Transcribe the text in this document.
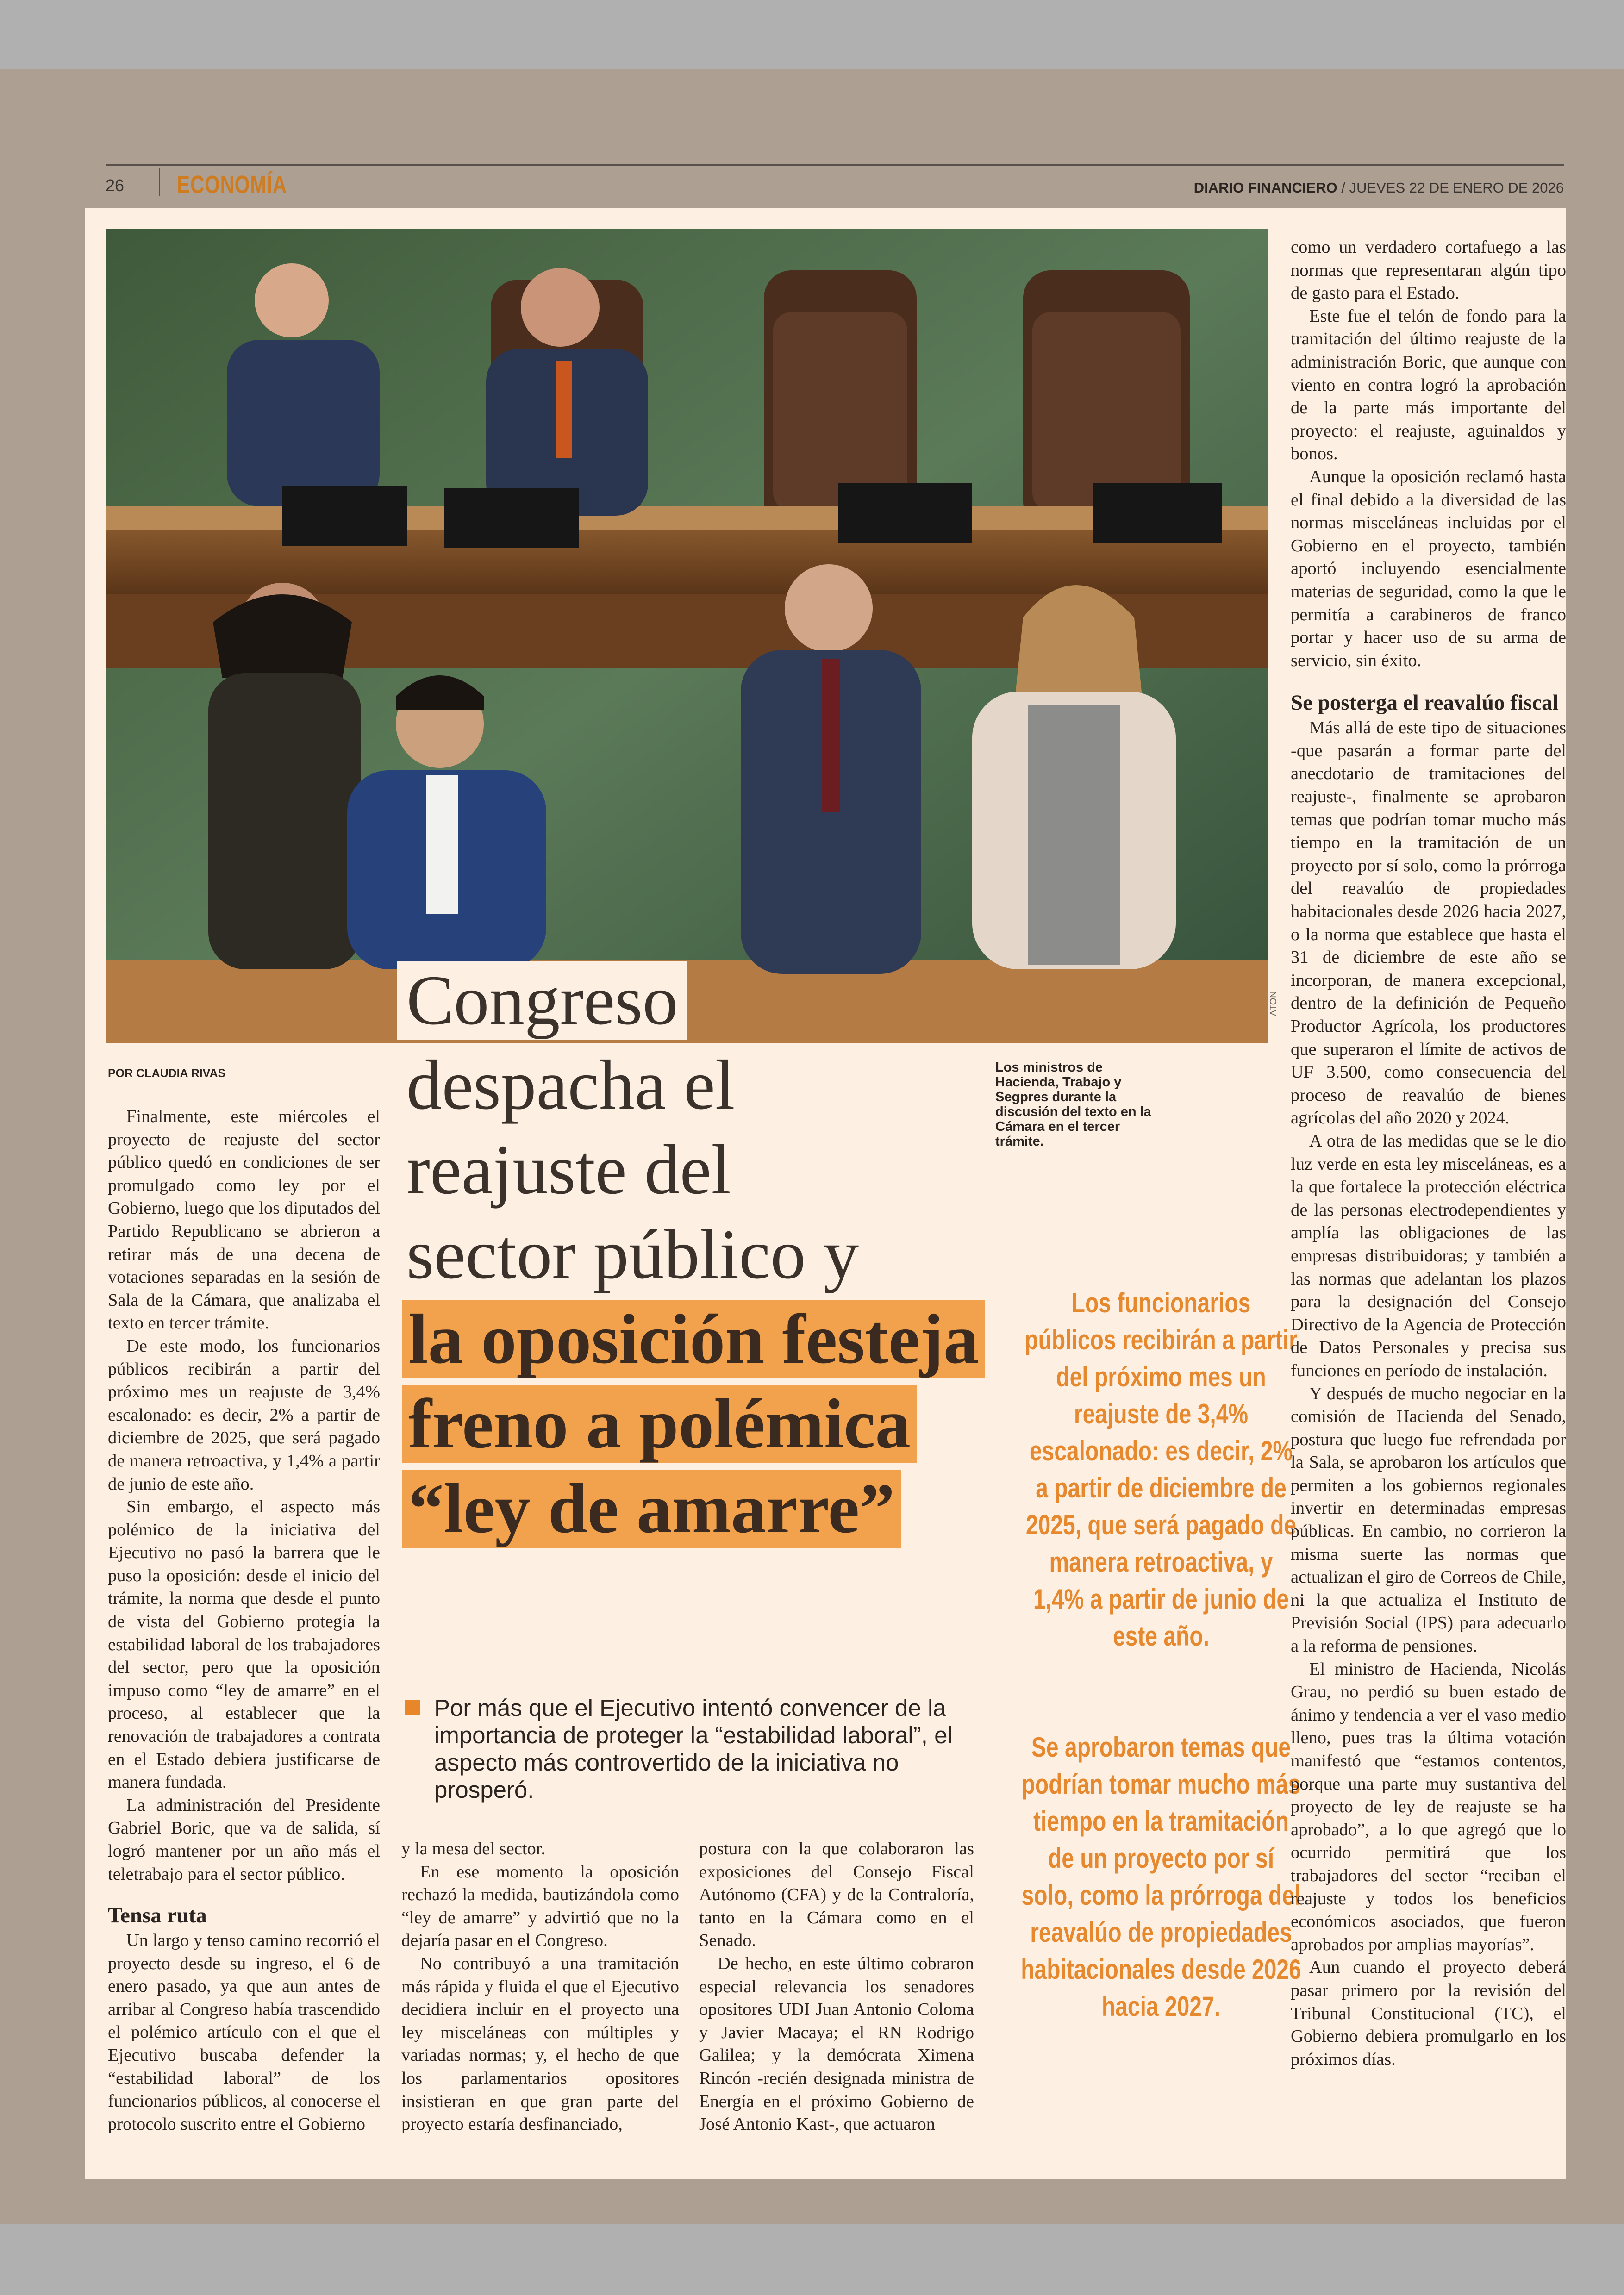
26 ECONOMÍA	DIARIO FINANCIERO / JUEVES 22 DE ENERO DE 2026
ATON
POR CLAUDIA RIVAS
Congreso
despacha el
reajuste del
sector público y
la oposición festeja freno a polémica “ley de amarre”
Por más que el Ejecutivo intentó convencer de la importancia de proteger la “estabilidad laboral”, el aspecto más controvertido de la iniciativa no prosperó.
Los ministros de Hacienda, Trabajo y Segpres durante la discusión del texto en la Cámara en el tercer trámite.

Finalmente, este miércoles el proyecto de reajuste del sector público quedó en condiciones de ser promulgado como ley por el Gobierno, luego que los diputados del Partido Republicano se abrieron a retirar más de una decena de votaciones separadas en la sesión de Sala de la Cámara, que analizaba el texto en tercer trámite.

De este modo, los funcionarios públicos recibirán a partir del próximo mes un reajuste de 3,4% escalonado: es decir, 2% a partir de diciembre de 2025, que será pagado de manera retroactiva, y 1,4% a partir de junio de este año.

Sin embargo, el aspecto más polémico de la iniciativa del Ejecutivo no pasó la barrera que le puso la oposición: desde el inicio del trámite, la norma que desde el punto de vista del Gobierno protegía la estabilidad laboral de los trabajadores del sector, pero que la oposición impuso como “ley de amarre” en el proceso, al establecer que la renovación de trabajadores a contrata en el Estado debiera justificarse de manera fundada.

La administración del Presidente Gabriel Boric, que va de salida, sí logró mantener por un año más el teletrabajo para el sector público.

Tensa ruta

Un largo y tenso camino recorrió el proyecto desde su ingreso, el 6 de enero pasado, ya que aun antes de arribar al Congreso había trascendido el polémico artículo con el que el Ejecutivo buscaba defender la “estabilidad laboral” de los funcionarios públicos, al conocerse el protocolo suscrito entre el Gobierno

y la mesa del sector.

En ese momento la oposición rechazó la medida, bautizándola como “ley de amarre” y advirtió que no la dejaría pasar en el Congreso.

No contribuyó a una tramitación más rápida y fluida el que el Ejecutivo decidiera incluir en el proyecto una ley misceláneas con múltiples y variadas normas; y, el hecho de que los parlamentarios opositores insistieran en que gran parte del proyecto estaría desfinanciado,

postura con la que colaboraron las exposiciones del Consejo Fiscal Autónomo (CFA) y de la Contraloría, tanto en la Cámara como en el Senado.

De hecho, en este último cobraron especial relevancia los senadores opositores UDI Juan Antonio Coloma y Javier Macaya; el RN Rodrigo Galilea; y la demócrata Ximena Rincón -recién designada ministra de Energía en el próximo Gobierno de José Antonio Kast-, que actuaron

Los funcionarios públicos recibirán a partir del próximo mes un reajuste de 3,4% escalonado: es decir, 2% a partir de diciembre de 2025, que será pagado de manera retroactiva, y 1,4% a partir de junio de este año.
Se aprobaron temas que podrían tomar mucho más tiempo en la tramitación de un proyecto por sí solo, como la prórroga del reavalúo de propiedades habitacionales desde 2026 hacia 2027.

como un verdadero cortafuego a las normas que representaran algún tipo de gasto para el Estado.

Este fue el telón de fondo para la tramitación del último reajuste de la administración Boric, que aunque con viento en contra logró la aprobación de la parte más importante del proyecto: el reajuste, aguinaldos y bonos.

Aunque la oposición reclamó hasta el final debido a la diversidad de las normas misceláneas incluidas por el Gobierno en el proyecto, también aportó incluyendo esencialmente materias de seguridad, como la que le permitía a carabineros de franco portar y hacer uso de su arma de servicio, sin éxito.

Se posterga el reavalúo fiscal

Más allá de este tipo de situaciones -que pasarán a formar parte del anecdotario de tramitaciones del reajuste-, finalmente se aprobaron temas que podrían tomar mucho más tiempo en la tramitación de un proyecto por sí solo, como la prórroga del reavalúo de propiedades habitacionales desde 2026 hacia 2027, o la norma que establece que hasta el 31 de diciembre de este año se incorporan, de manera excepcional, dentro de la definición de Pequeño Productor Agrícola, los productores que superaron el límite de activos de UF 3.500, como consecuencia del proceso de reavalúo de bienes agrícolas del año 2020 y 2024.

A otra de las medidas que se le dio luz verde en esta ley misceláneas, es a la que fortalece la protección eléctrica de las personas electrodependientes y amplía las obligaciones de las empresas distribuidoras; y también a las normas que adelantan los plazos para la designación del Consejo Directivo de la Agencia de Protección de Datos Personales y precisa sus funciones en período de instalación.

Y después de mucho negociar en la comisión de Hacienda del Senado, postura que luego fue refrendada por la Sala, se aprobaron los artículos que permiten a los gobiernos regionales invertir en determinadas empresas públicas. En cambio, no corrieron la misma suerte las normas que actualizan el giro de Correos de Chile, ni la que actualiza el Instituto de Previsión Social (IPS) para adecuarlo a la reforma de pensiones.

El ministro de Hacienda, Nicolás Grau, no perdió su buen estado de ánimo y tendencia a ver el vaso medio lleno, pues tras la última votación manifestó que “estamos contentos, porque una parte muy sustantiva del proyecto de ley de reajuste se ha aprobado”, a lo que agregó que lo ocurrido permitirá que los trabajadores del sector “reciban el reajuste y todos los beneficios económicos asociados, que fueron aprobados por amplias mayorías”.

Aun cuando el proyecto deberá pasar primero por la revisión del Tribunal Constitucional (TC), el Gobierno debiera promulgarlo en los próximos días.
